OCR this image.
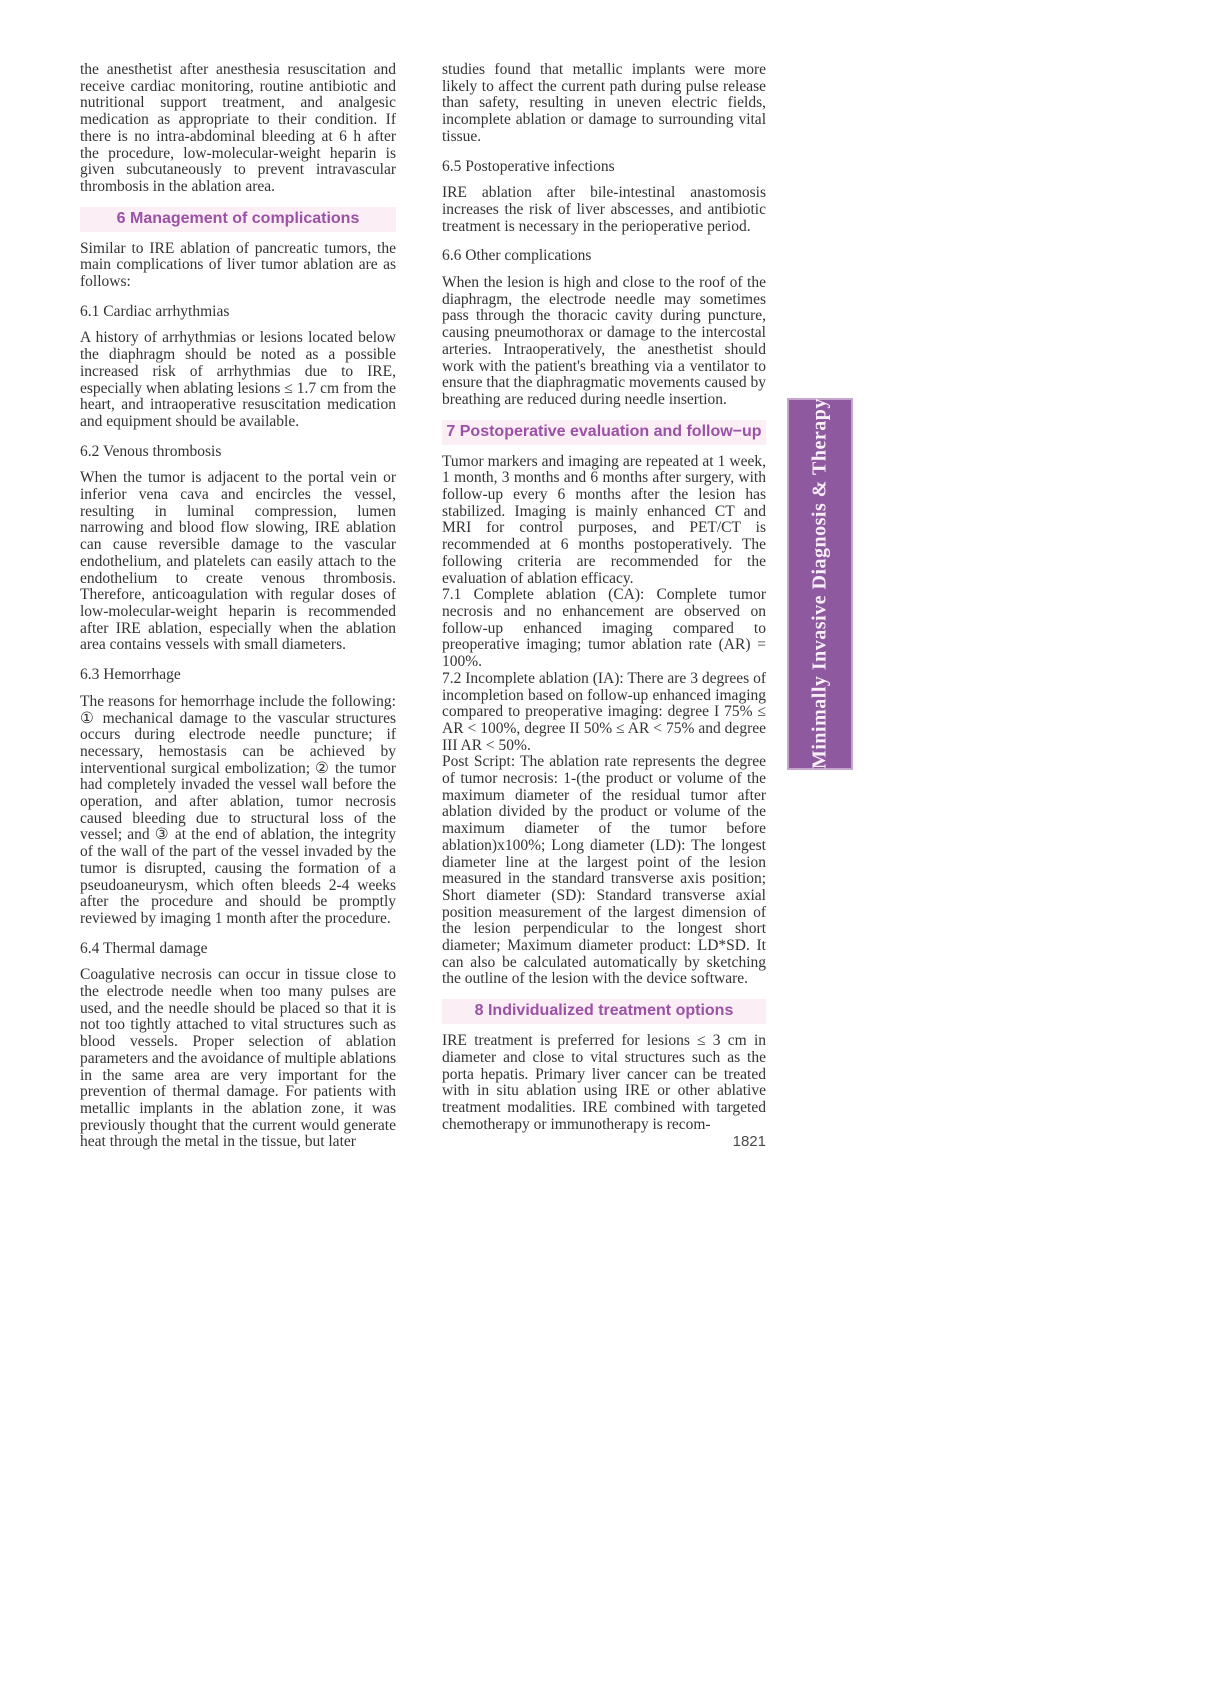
the anesthetist after anesthesia resuscitation and receive cardiac monitoring, routine antibiotic and nutritional support treatment, and analgesic medication as appropriate to their condition. If there is no intra-abdominal bleeding at 6 h after the procedure, low-molecular-weight heparin is given subcutaneously to prevent intravascular thrombosis in the ablation area.
6 Management of complications
Similar to IRE ablation of pancreatic tumors, the main complications of liver tumor ablation are as follows:
6.1 Cardiac arrhythmias
A history of arrhythmias or lesions located below the diaphragm should be noted as a possible increased risk of arrhythmias due to IRE, especially when ablating lesions ≤ 1.7 cm from the heart, and intraoperative resuscitation medication and equipment should be available.
6.2 Venous thrombosis
When the tumor is adjacent to the portal vein or inferior vena cava and encircles the vessel, resulting in luminal compression, lumen narrowing and blood flow slowing, IRE ablation can cause reversible damage to the vascular endothelium, and platelets can easily attach to the endothelium to create venous thrombosis. Therefore, anticoagulation with regular doses of low-molecular-weight heparin is recommended after IRE ablation, especially when the ablation area contains vessels with small diameters.
6.3 Hemorrhage
The reasons for hemorrhage include the following: ① mechanical damage to the vascular structures occurs during electrode needle puncture; if necessary, hemostasis can be achieved by interventional surgical embolization; ② the tumor had completely invaded the vessel wall before the operation, and after ablation, tumor necrosis caused bleeding due to structural loss of the vessel; and ③ at the end of ablation, the integrity of the wall of the part of the vessel invaded by the tumor is disrupted, causing the formation of a pseudoaneurysm, which often bleeds 2-4 weeks after the procedure and should be promptly reviewed by imaging 1 month after the procedure.
6.4 Thermal damage
Coagulative necrosis can occur in tissue close to the electrode needle when too many pulses are used, and the needle should be placed so that it is not too tightly attached to vital structures such as blood vessels. Proper selection of ablation parameters and the avoidance of multiple ablations in the same area are very important for the prevention of thermal damage. For patients with metallic implants in the ablation zone, it was previously thought that the current would generate heat through the metal in the tissue, but later
studies found that metallic implants were more likely to affect the current path during pulse release than safety, resulting in uneven electric fields, incomplete ablation or damage to surrounding vital tissue.
6.5 Postoperative infections
IRE ablation after bile-intestinal anastomosis increases the risk of liver abscesses, and antibiotic treatment is necessary in the perioperative period.
6.6 Other complications
When the lesion is high and close to the roof of the diaphragm, the electrode needle may sometimes pass through the thoracic cavity during puncture, causing pneumothorax or damage to the intercostal arteries. Intraoperatively, the anesthetist should work with the patient's breathing via a ventilator to ensure that the diaphragmatic movements caused by breathing are reduced during needle insertion.
7 Postoperative evaluation and follow−up
Tumor markers and imaging are repeated at 1 week, 1 month, 3 months and 6 months after surgery, with follow-up every 6 months after the lesion has stabilized. Imaging is mainly enhanced CT and MRI for control purposes, and PET/CT is recommended at 6 months postoperatively. The following criteria are recommended for the evaluation of ablation efficacy.
7.1 Complete ablation (CA): Complete tumor necrosis and no enhancement are observed on follow-up enhanced imaging compared to preoperative imaging; tumor ablation rate (AR) = 100%.
7.2 Incomplete ablation (IA): There are 3 degrees of incompletion based on follow-up enhanced imaging compared to preoperative imaging: degree I 75% ≤ AR < 100%, degree II 50% ≤ AR < 75% and degree III AR < 50%.
Post Script: The ablation rate represents the degree of tumor necrosis: 1-(the product or volume of the maximum diameter of the residual tumor after ablation divided by the product or volume of the maximum diameter of the tumor before ablation)x100%; Long diameter (LD): The longest diameter line at the largest point of the lesion measured in the standard transverse axis position; Short diameter (SD): Standard transverse axial position measurement of the largest dimension of the lesion perpendicular to the longest short diameter; Maximum diameter product: LD*SD. It can also be calculated automatically by sketching the outline of the lesion with the device software.
8 Individualized treatment options
IRE treatment is preferred for lesions ≤ 3 cm in diameter and close to vital structures such as the porta hepatis. Primary liver cancer can be treated with in situ ablation using IRE or other ablative treatment modalities. IRE combined with targeted chemotherapy or immunotherapy is recom-
1821
Minimally Invasive Diagnosis & Therapy
